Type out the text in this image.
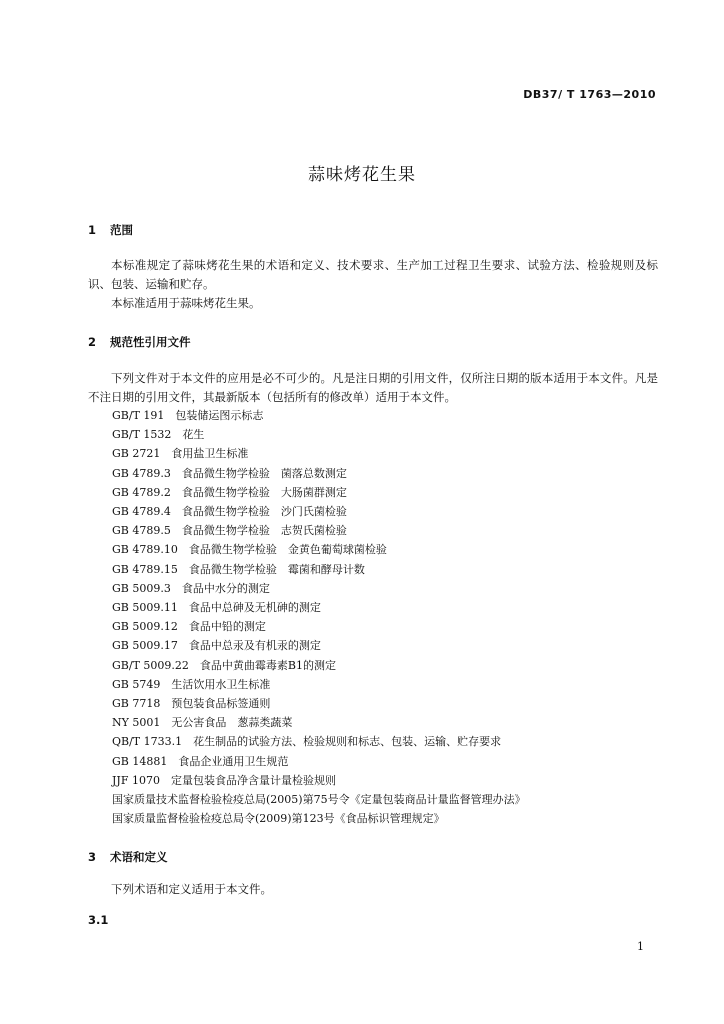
DB37/ T 1763—2010
蒜味烤花生果
1 范围

本标准规定了蒜味烤花生果的术语和定义、技术要求、生产加工过程卫生要求、试验方法、检验规则及标识、包装、运输和贮存。

本标准适用于蒜味烤花生果。

2 规范性引用文件

下列文件对于本文件的应用是必不可少的。凡是注日期的引用文件，仅所注日期的版本适用于本文件。凡是不注日期的引用文件，其最新版本（包括所有的修改单）适用于本文件。

GB/T 191　包装储运图示标志
GB/T 1532　花生
GB 2721　食用盐卫生标准
GB 4789.3　食品微生物学检验　菌落总数测定
GB 4789.2　食品微生物学检验　大肠菌群测定
GB 4789.4　食品微生物学检验　沙门氏菌检验
GB 4789.5　食品微生物学检验　志贺氏菌检验
GB 4789.10　食品微生物学检验　金黄色葡萄球菌检验
GB 4789.15　食品微生物学检验　霉菌和酵母计数
GB 5009.3　食品中水分的测定
GB 5009.11　食品中总砷及无机砷的测定
GB 5009.12　食品中铅的测定
GB 5009.17　食品中总汞及有机汞的测定
GB/T 5009.22　食品中黄曲霉毒素B1的测定
GB 5749　生活饮用水卫生标准
GB 7718　预包装食品标签通则
NY 5001　无公害食品　葱蒜类蔬菜
QB/T 1733.1　花生制品的试验方法、检验规则和标志、包装、运输、贮存要求
GB 14881　食品企业通用卫生规范
JJF 1070　定量包装食品净含量计量检验规则
国家质量技术监督检验检疫总局(2005)第75号令《定量包装商品计量监督管理办法》
国家质量监督检验检疫总局令(2009)第123号《食品标识管理规定》
3 术语和定义

下列术语和定义适用于本文件。

3.1
1
